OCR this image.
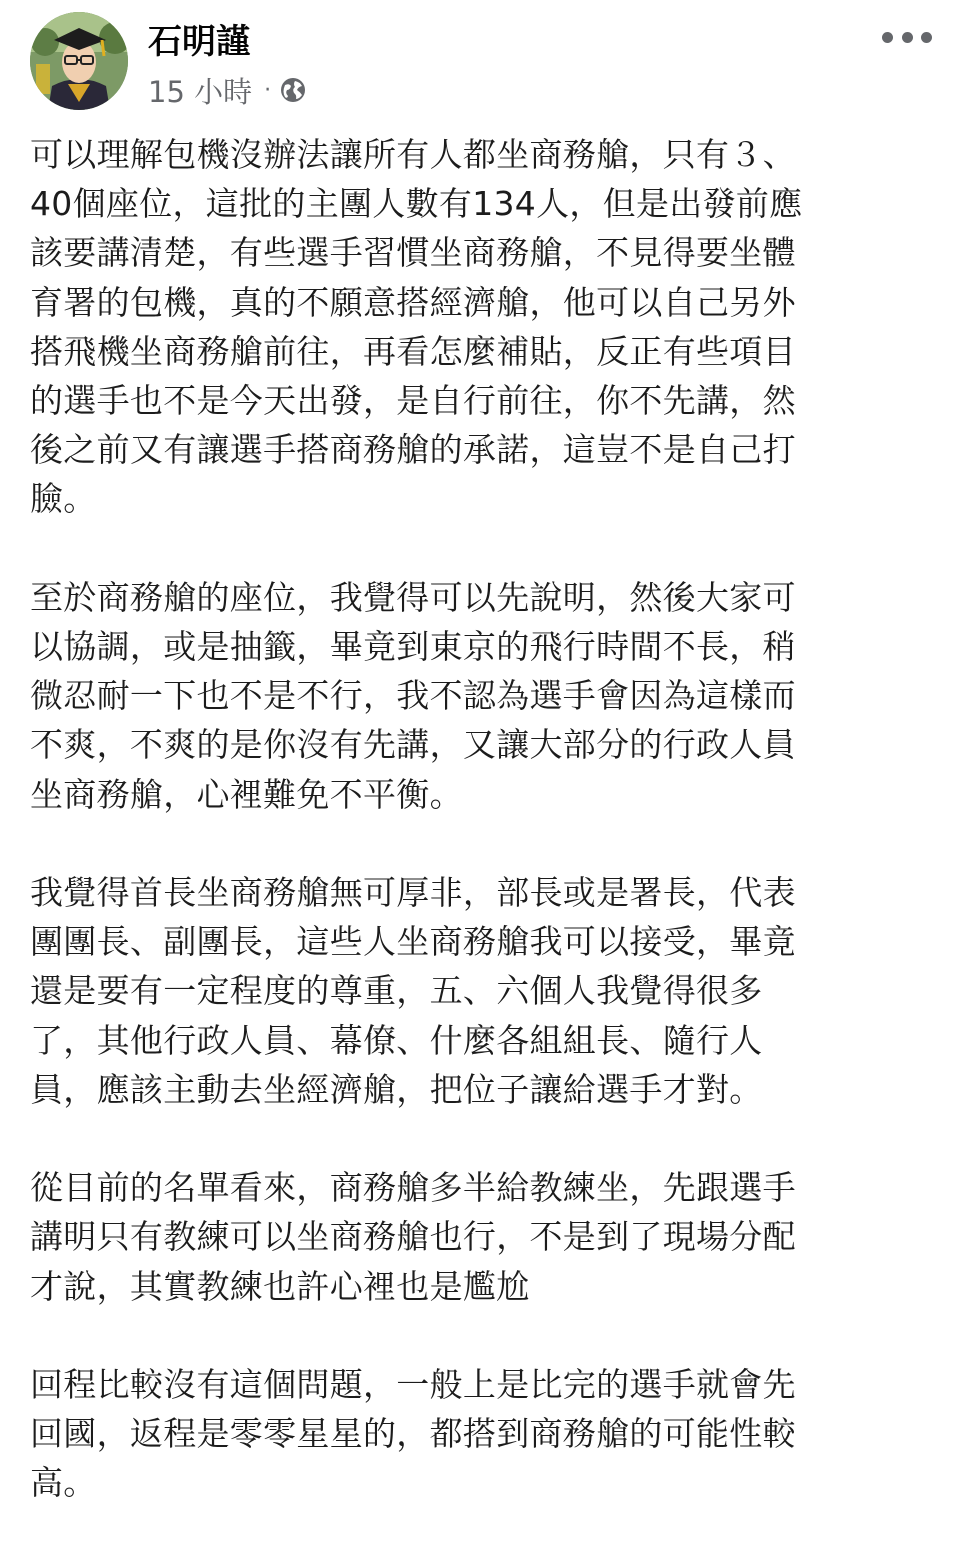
石明謹
15 小時 ·

可以理解包機沒辦法讓所有人都坐商務艙，只有３、
40個座位，這批的主團人數有134人，但是出發前應
該要講清楚，有些選手習慣坐商務艙，不見得要坐體
育署的包機，真的不願意搭經濟艙，他可以自己另外
搭飛機坐商務艙前往，再看怎麼補貼，反正有些項目
的選手也不是今天出發，是自行前往，你不先講，然
後之前又有讓選手搭商務艙的承諾，這豈不是自己打
臉。

至於商務艙的座位，我覺得可以先說明，然後大家可
以協調，或是抽籤，畢竟到東京的飛行時間不長，稍
微忍耐一下也不是不行，我不認為選手會因為這樣而
不爽，不爽的是你沒有先講，又讓大部分的行政人員
坐商務艙，心裡難免不平衡。

我覺得首長坐商務艙無可厚非，部長或是署長，代表
團團長、副團長，這些人坐商務艙我可以接受，畢竟
還是要有一定程度的尊重，五、六個人我覺得很多
了，其他行政人員、幕僚、什麼各組組長、隨行人
員，應該主動去坐經濟艙，把位子讓給選手才對。

從目前的名單看來，商務艙多半給教練坐，先跟選手
講明只有教練可以坐商務艙也行，不是到了現場分配
才說，其實教練也許心裡也是尷尬

回程比較沒有這個問題，一般上是比完的選手就會先
回國，返程是零零星星的，都搭到商務艙的可能性較
高。
